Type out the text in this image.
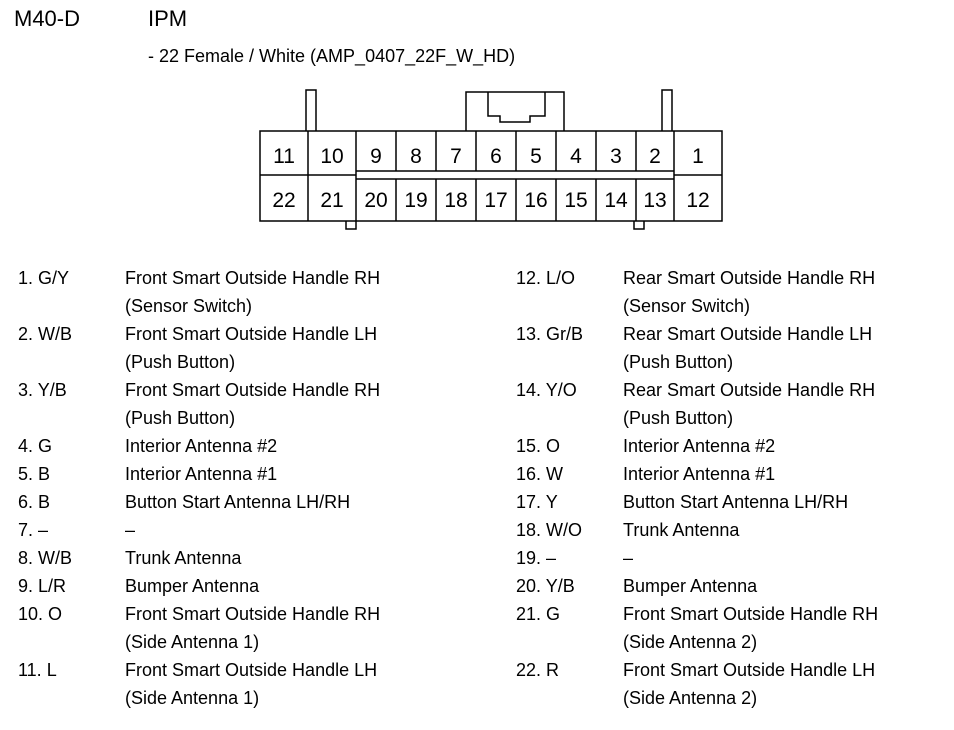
M40-D	IPM
- 22 Female / White (AMP_0407_22F_W_HD)
11 10 9 8 7 6 5 4 3 2 1
22 21 20 19 18 17 16 15 14 13 12
1. G/Y	Front Smart Outside Handle RH
(Sensor Switch)
2. W/B	Front Smart Outside Handle LH
(Push Button)
3. Y/B	Front Smart Outside Handle RH
(Push Button)
4. G	Interior Antenna #2
5. B	Interior Antenna #1
6. B	Button Start Antenna LH/RH
7. –	–
8. W/B	Trunk Antenna
9. L/R	Bumper Antenna
10. O	Front Smart Outside Handle RH
(Side Antenna 1)
11. L	Front Smart Outside Handle LH
(Side Antenna 1)
12. L/O	Rear Smart Outside Handle RH
(Sensor Switch)
13. Gr/B	Rear Smart Outside Handle LH
(Push Button)
14. Y/O	Rear Smart Outside Handle RH
(Push Button)
15. O	Interior Antenna #2
16. W	Interior Antenna #1
17. Y	Button Start Antenna LH/RH
18. W/O	Trunk Antenna
19. –	–
20. Y/B	Bumper Antenna
21. G	Front Smart Outside Handle RH
(Side Antenna 2)
22. R	Front Smart Outside Handle LH
(Side Antenna 2)
